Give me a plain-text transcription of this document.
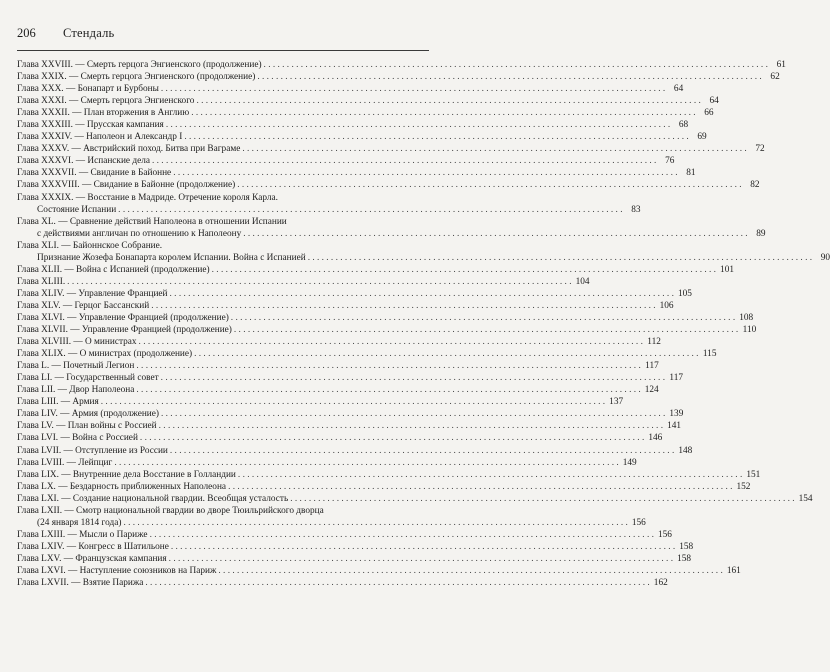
206 Стендаль
Глава XXVIII. — Смерть герцога Энгиенского (продолжение) . . .	61
Глава XXIX. — Смерть герцога Энгиенского (продолжение) . . .	62
Глава XXX. — Бонапарт и Бурбоны . . .	64
Глава XXXI. — Смерть герцога Энгиенского . . .	64
Глава XXXII. — План вторжения в Англию . . .	66
Глава XXXIII. — Прусская кампания . . .	68
Глава XXXIV. — Наполеон и Александр I . . .	69
Глава XXXV. — Австрийский поход. Битва при Ваграме . . .	72
Глава XXXVI. — Испанские дела . . .	76
Глава XXXVII. — Свидание в Байонне . . .	81
Глава XXXVIII. — Свидание в Байонне (продолжение) . . .	82
Глава XXXIX. — Восстание в Мадриде. Отречение короля Карла.
Состояние Испании . . .	83
Глава XL. — Сравнение действий Наполеона в отношении Испании
с действиями англичан по отношению к Наполеону . . .	89
Глава XLI. — Байоннское Собрание.
Признание Жозефа Бонапарта королем Испании. Война с Испанией . . .	90
Глава XLII. — Война с Испанией (продолжение) . . .	101
Глава XLIII. . . .	104
Глава XLIV. — Управление Францией . . .	105
Глава XLV. — Герцог Бассанский . . .	106
Глава XLVI. — Управление Францией (продолжение) . . .	108
Глава XLVII. — Управление Францией (продолжение) . . .	110
Глава XLVIII. — О министрах . . .	112
Глава XLIX. — О министрах (продолжение) . . .	115
Глава L. — Почетный Легион . . .	117
Глава LI. — Государственный совет . . .	117
Глава LII. — Двор Наполеона . . .	124
Глава LIII. — Армия . . .	137
Глава LIV. — Армия (продолжение) . . .	139
Глава LV. — План войны с Россией . . .	141
Глава LVI. — Война с Россией . . .	146
Глава LVII. — Отступление из России . . .	148
Глава LVIII. — Лейпциг . . .	149
Глава LIX. — Внутренние дела Восстание в Голландии . . .	151
Глава LX. — Бездарность приближенных Наполеона . . .	152
Глава LXI. — Создание национальной гвардии. Всеобщая усталость . . .	154
Глава LXII. — Смотр национальной гвардии во дворе Тюильрийского дворца
(24 января 1814 года) . . .	156
Глава LXIII. — Мысли о Париже . . .	156
Глава LXIV. — Конгресс в Шатильоне . . .	158
Глава LXV. — Французская кампания . . .	158
Глава LXVI. — Наступление союзников на Париж . . .	161
Глава LXVII. — Взятие Парижа . . .	162
